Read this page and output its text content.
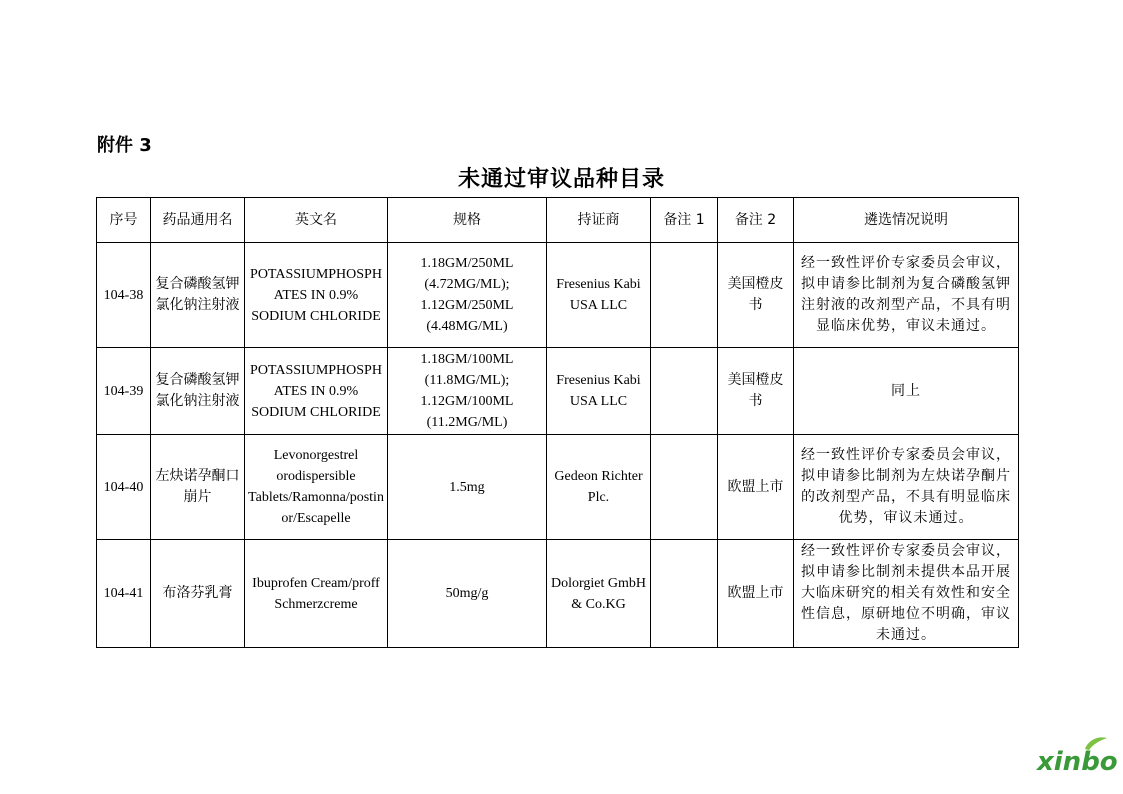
附件 3
未通过审议品种目录
序号	药品通用名	英文名	规格	持证商	备注 1	备注 2	遴选情况说明
104-38	复合磷酸氢钾氯化钠注射液	POTASSIUMPHOSPHATES IN 0.9% SODIUM CHLORIDE	1.18GM/250ML (4.72MG/ML); 1.12GM/250ML (4.48MG/ML)	Fresenius Kabi USA LLC		美国橙皮书	经一致性评价专家委员会审议，拟申请参比制剂为复合磷酸氢钾注射液的改剂型产品，不具有明显临床优势，审议未通过。
104-39	复合磷酸氢钾氯化钠注射液	POTASSIUMPHOSPHATES IN 0.9% SODIUM CHLORIDE	1.18GM/100ML (11.8MG/ML); 1.12GM/100ML (11.2MG/ML)	Fresenius Kabi USA LLC		美国橙皮书	同上
104-40	左炔诺孕酮口崩片	Levonorgestrel orodispersible Tablets/Ramonna/postinor/Escapelle	1.5mg	Gedeon Richter Plc.		欧盟上市	经一致性评价专家委员会审议，拟申请参比制剂为左炔诺孕酮片的改剂型产品，不具有明显临床优势，审议未通过。
104-41	布洛芬乳膏	Ibuprofen Cream/proff Schmerzcreme	50mg/g	Dolorgiet GmbH & Co.KG		欧盟上市	经一致性评价专家委员会审议，拟申请参比制剂未提供本品开展大临床研究的相关有效性和安全性信息，原研地位不明确，审议未通过。
xinbo
